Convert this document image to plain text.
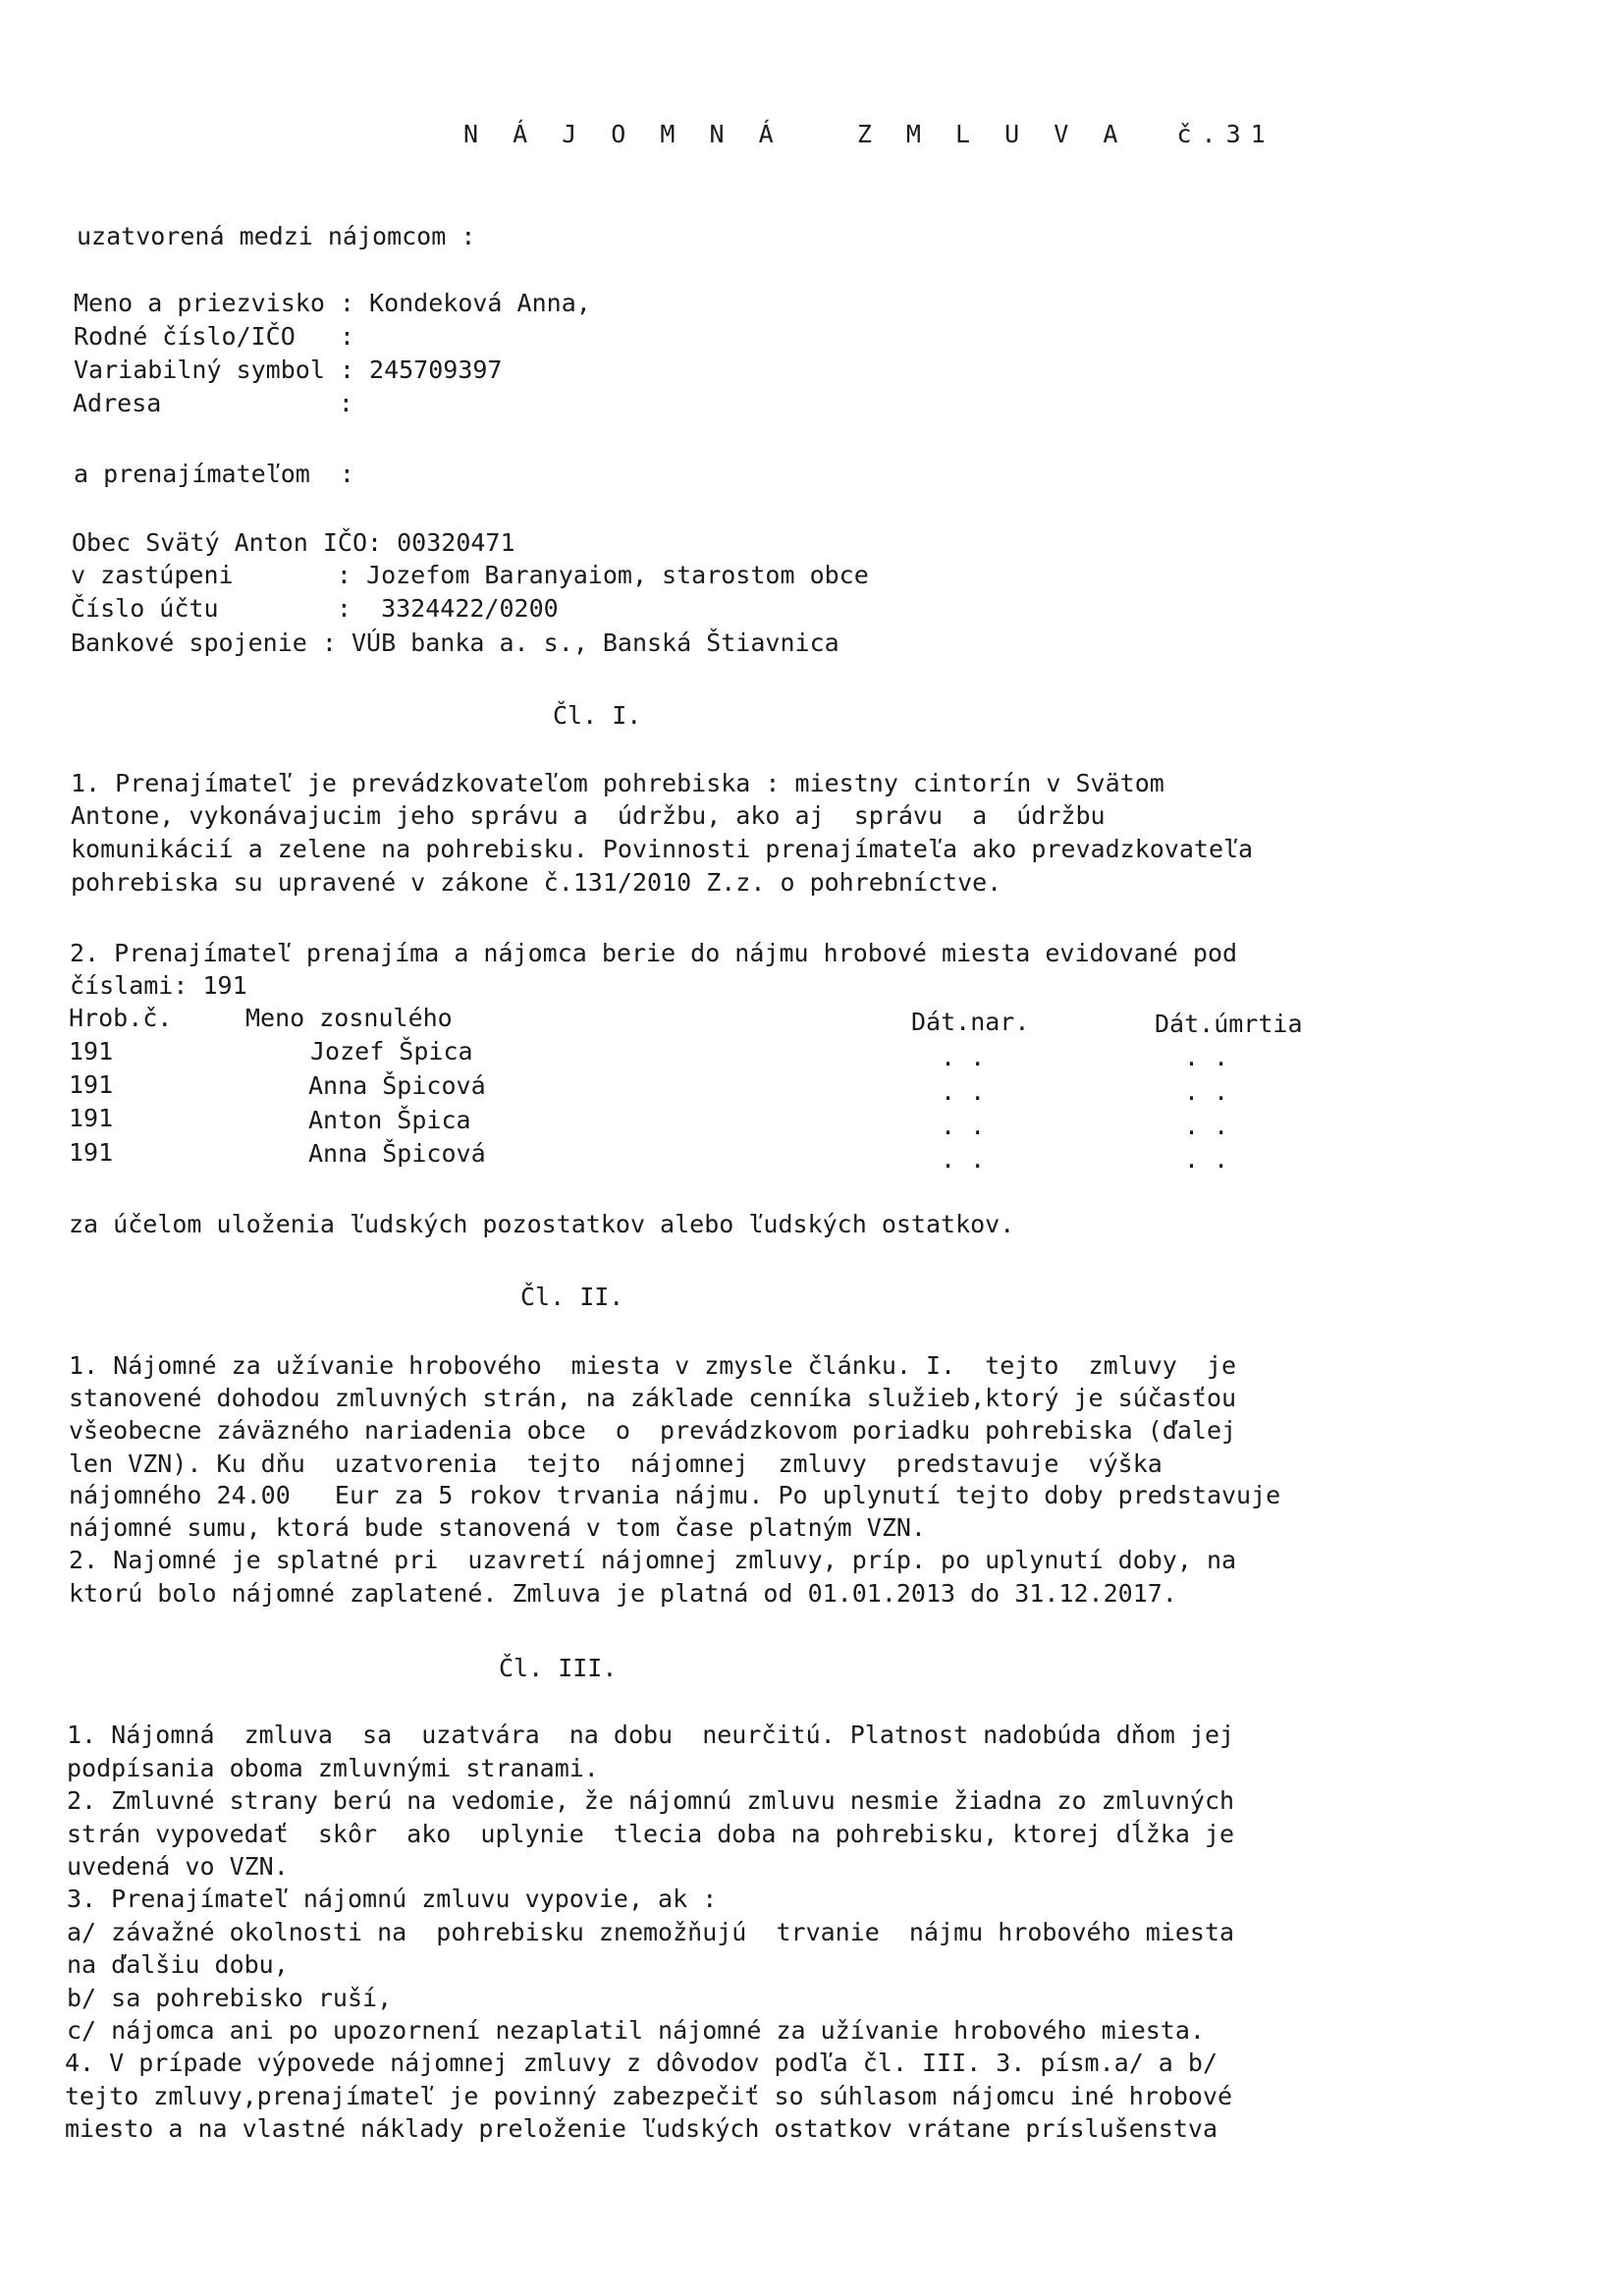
N Á J O M N Á   Z M L U V A  č.31
uzatvorená medzi nájomcom :
Meno a priezvisko : Kondeková Anna,
Rodné číslo/IČO   :
Variabilný symbol : 245709397
Adresa            :
a prenajímateľom  :
Obec Svätý Anton IČO: 00320471
v zastúpeni       : Jozefom Baranyaiom, starostom obce
Číslo účtu        :  3324422/0200
Bankové spojenie : VÚB banka a. s., Banská Štiavnica
Čl. I.
1. Prenajímateľ je prevádzkovateľom pohrebiska : miestny cintorín v Svätom
Antone, vykonávajucim jeho správu a  údržbu, ako aj  správu  a  údržbu
komunikácií a zelene na pohrebisku. Povinnosti prenajímateľa ako prevadzkovateľa
pohrebiska su upravené v zákone č.131/2010 Z.z. o pohrebníctve.
2. Prenajímateľ prenajíma a nájomca berie do nájmu hrobové miesta evidované pod
číslami: 191
Hrob.č.	Meno zosnulého	Dát.nar.	Dát.úmrtia
191	Jozef Špica	. .	. .
191	Anna Špicová	. .	. .
191	Anton Špica	. .	. .
191	Anna Špicová	. .	. .
za účelom uloženia ľudských pozostatkov alebo ľudských ostatkov.
Čl. II.
1. Nájomné za užívanie hrobového  miesta v zmysle článku. I.  tejto  zmluvy  je
stanovené dohodou zmluvných strán, na základe cenníka služieb,ktorý je súčasťou
všeobecne záväzného nariadenia obce  o  prevádzkovom poriadku pohrebiska (ďalej
len VZN). Ku dňu  uzatvorenia  tejto  nájomnej  zmluvy  predstavuje  výška
nájomného 24.00   Eur za 5 rokov trvania nájmu. Po uplynutí tejto doby predstavuje
nájomné sumu, ktorá bude stanovená v tom čase platným VZN.
2. Najomné je splatné pri  uzavretí nájomnej zmluvy, príp. po uplynutí doby, na
ktorú bolo nájomné zaplatené. Zmluva je platná od 01.01.2013 do 31.12.2017.
Čl. III.
1. Nájomná  zmluva  sa  uzatvára  na dobu  neurčitú. Platnost nadobúda dňom jej
podpísania oboma zmluvnými stranami.
2. Zmluvné strany berú na vedomie, že nájomnú zmluvu nesmie žiadna zo zmluvných
strán vypovedať  skôr  ako  uplynie  tlecia doba na pohrebisku, ktorej dĺžka je
uvedená vo VZN.
3. Prenajímateľ nájomnú zmluvu vypovie, ak :
a/ závažné okolnosti na  pohrebisku znemožňujú  trvanie  nájmu hrobového miesta
na ďalšiu dobu,
b/ sa pohrebisko ruší,
c/ nájomca ani po upozornení nezaplatil nájomné za užívanie hrobového miesta.
4. V prípade výpovede nájomnej zmluvy z dôvodov podľa čl. III. 3. písm.a/ a b/
tejto zmluvy,prenajímateľ je povinný zabezpečiť so súhlasom nájomcu iné hrobové
miesto a na vlastné náklady preloženie ľudských ostatkov vrátane príslušenstva
